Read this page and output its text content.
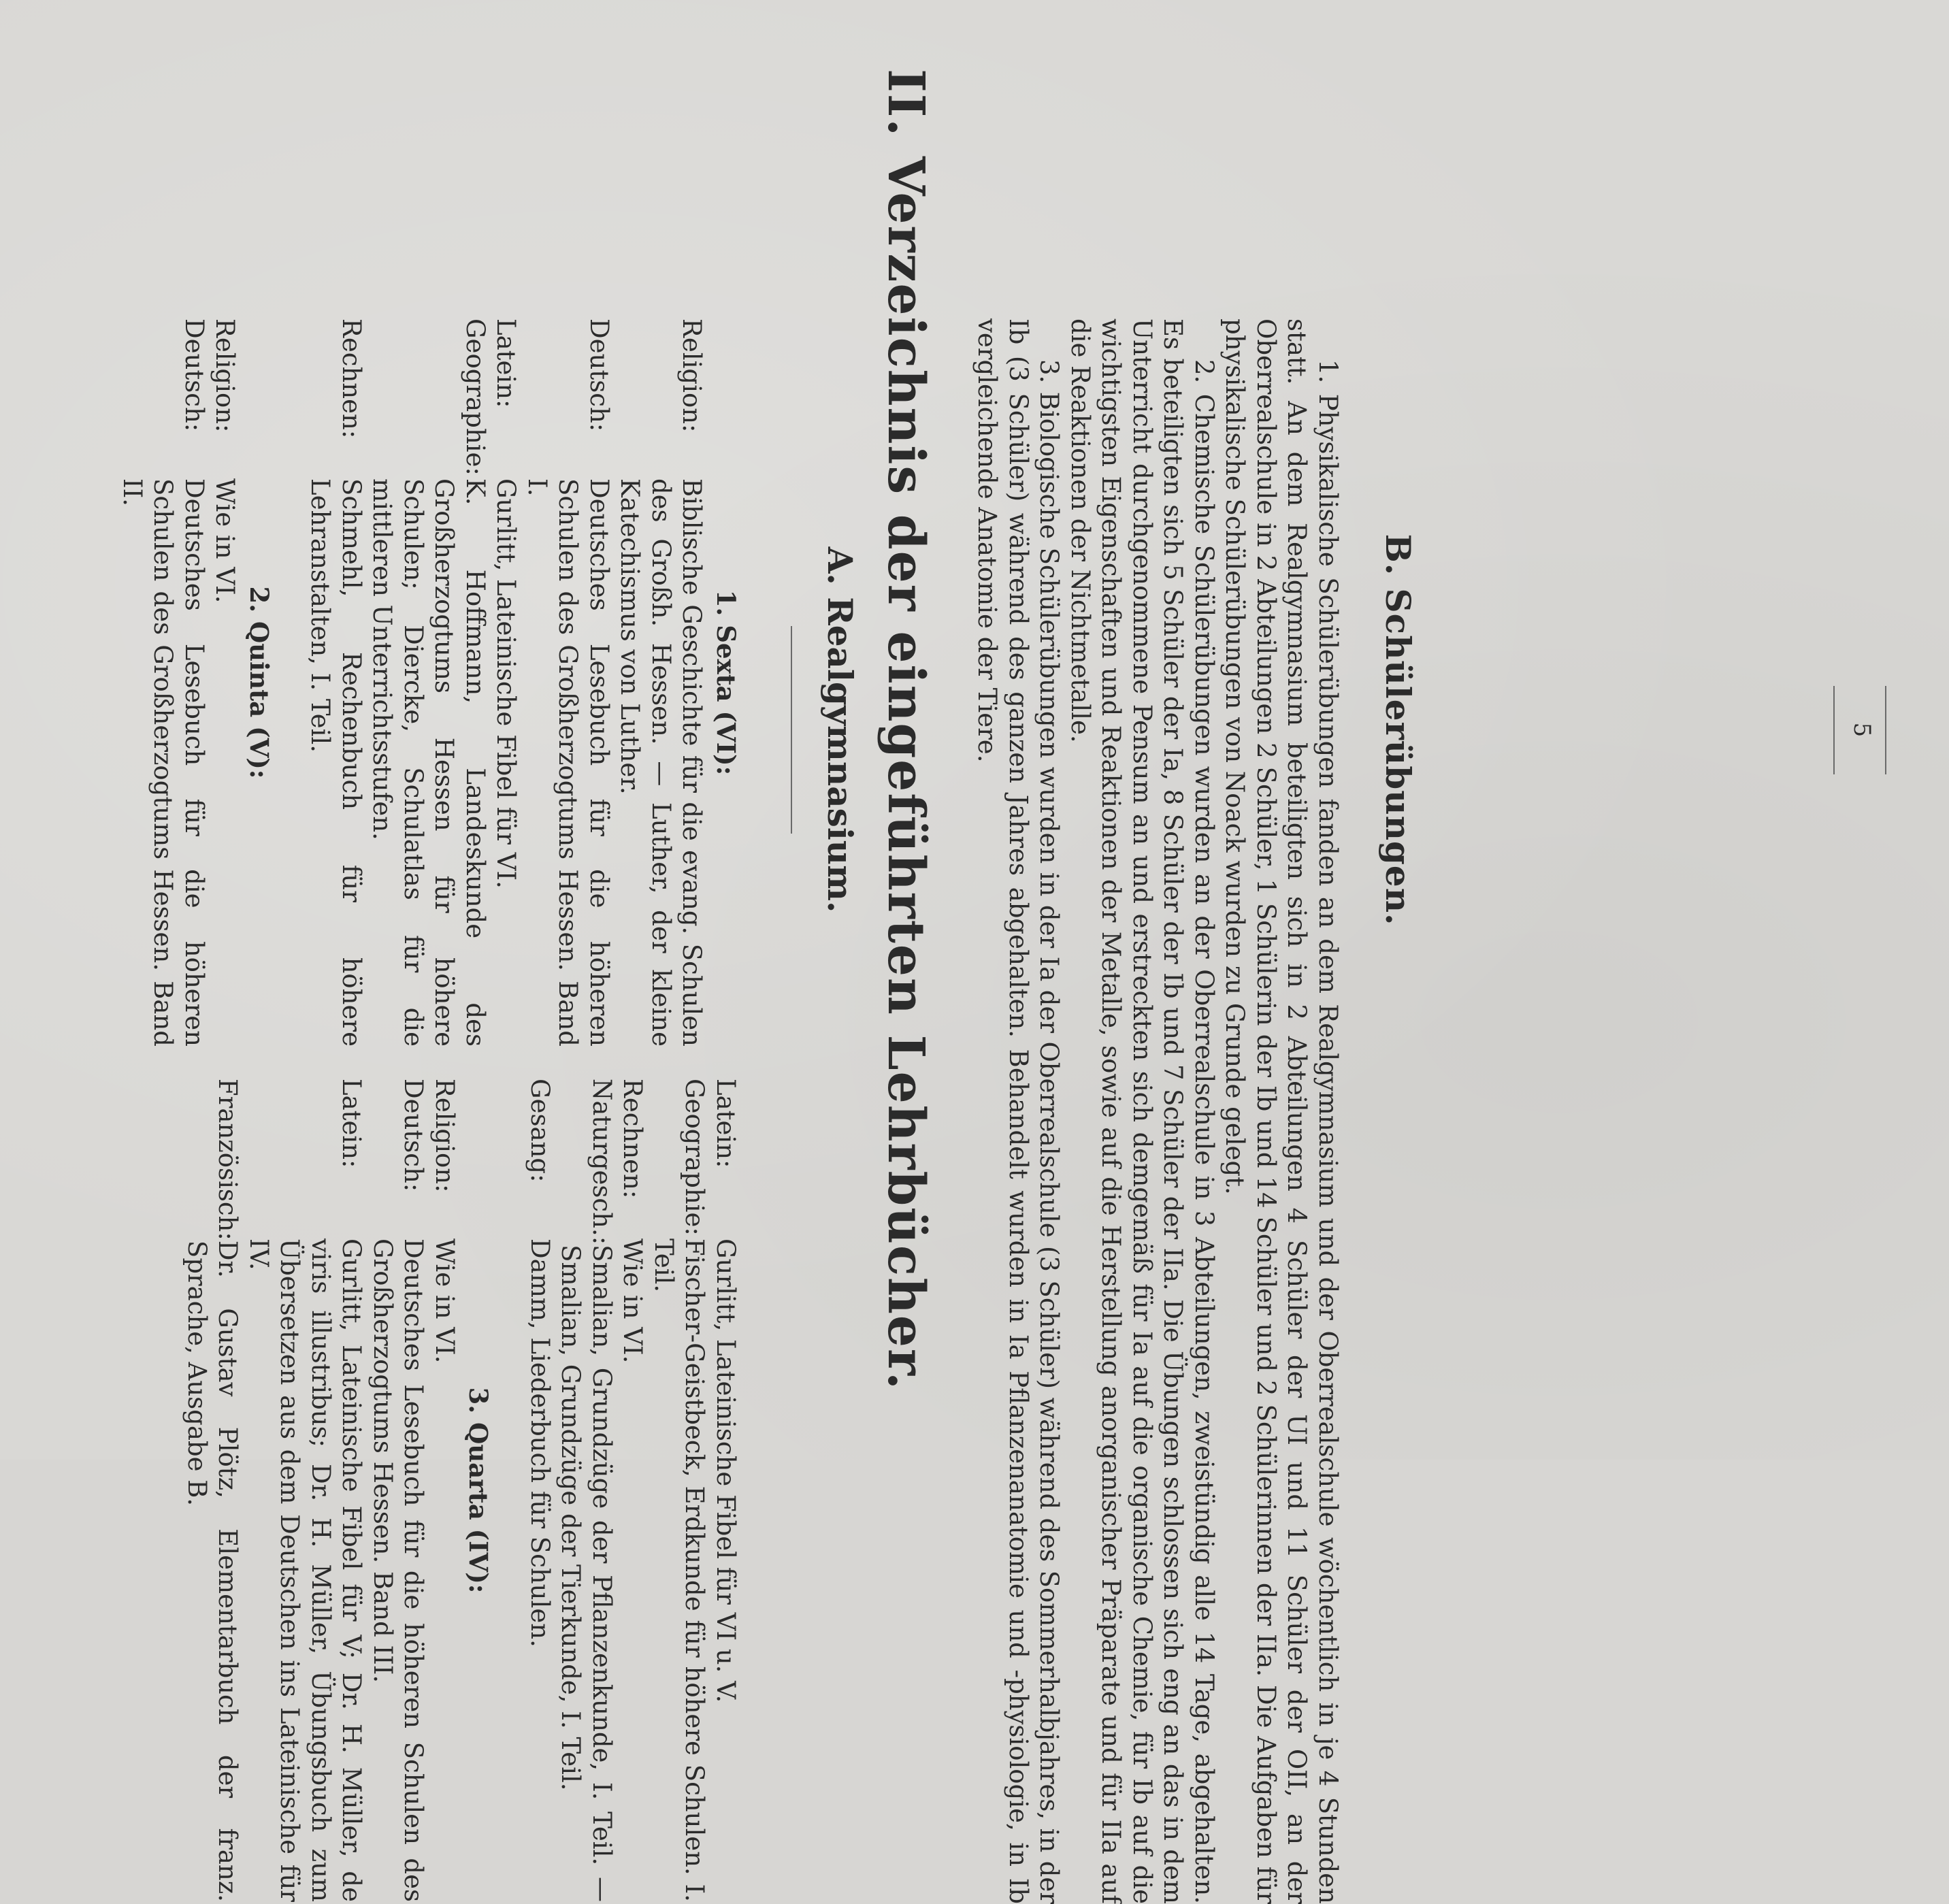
5
B. Schülerübungen.

1. Physikalische Schülerübungen fanden an dem Realgymnasium und der Oberrealschule wöchentlich in je 4 Stunden statt. An dem Realgymnasium beteiligten sich in 2 Abteilungen 4 Schüler der UI und 11 Schüler der OII, an der Oberrealschule in 2 Abteilungen 2 Schüler, 1 Schülerin der Ib und 14 Schüler und 2 Schülerinnen der IIa. Die Aufgaben für physikalische Schülerübungen von Noack wurden zu Grunde gelegt.

2. Chemische Schülerübungen wurden an der Oberrealschule in 3 Abteilungen, zweistündig alle 14 Tage, abgehalten. Es beteiligten sich 5 Schüler der Ia, 8 Schüler der Ib und 7 Schüler der IIa. Die Übungen schlossen sich eng an das in dem Unterricht durchgenommene Pensum an und erstreckten sich demgemäß für Ia auf die organische Chemie, für Ib auf die wichtigsten Eigenschaften und Reaktionen der Metalle, sowie auf die Herstellung anorganischer Präparate und für IIa auf die Reaktionen der Nichtmetalle.

3. Biologische Schülerübungen wurden in der Ia der Oberrealschule (3 Schüler) während des Sommerhalbjahres, in der Ib (3 Schüler) während des ganzen Jahres abgehalten. Behandelt wurden in Ia Pflanzenanatomie und -physiologie, in Ib vergleichende Anatomie der Tiere.

II. Verzeichnis der eingeführten Lehrbücher.
A. Realgymnasium.
1. Sexta (VI):
Religion:
Biblische Geschichte für die evang. Schulen des Großh. Hessen. — Luther, der kleine Katechismus von Luther.
Deutsch:
Deutsches Lesebuch für die höheren Schulen des Großherzogtums Hessen. Band I.
Latein:
Gurlitt, Lateinische Fibel für VI.
Geographie:
K. Hoffmann, Landeskunde des Großherzogtums Hessen für höhere Schulen; Diercke, Schulatlas für die mittleren Unterrichtsstufen.
Rechnen:
Schmehl, Rechenbuch für höhere Lehranstalten, I. Teil.
2. Quinta (V):
Religion:
Wie in VI.
Deutsch:
Deutsches Lesebuch für die höheren Schulen des Großherzogtums Hessen. Band II.
Latein:
Gurlitt, Lateinische Fibel für VI u. V.
Geographie:
Fischer-Geistbeck, Erdkunde für höhere Schulen. I. Teil.
Rechnen:
Wie in VI.
Naturgesch.:
Smalian, Grundzüge der Pflanzenkunde, I. Teil. — Smalian, Grundzüge der Tierkunde, I. Teil.
Gesang:
Damm, Liederbuch für Schulen.
3. Quarta (IV):
Religion:
Wie in VI.
Deutsch:
Deutsches Lesebuch für die höheren Schulen des Großherzogtums Hessen. Band III.
Latein:
Gurlitt, Lateinische Fibel für V; Dr. H. Müller, de viris illustribus; Dr. H. Müller, Übungsbuch zum Übersetzen aus dem Deutschen ins Lateinische für IV.
Französisch:
Dr. Gustav Plötz, Elementarbuch der franz. Sprache, Ausgabe B.
